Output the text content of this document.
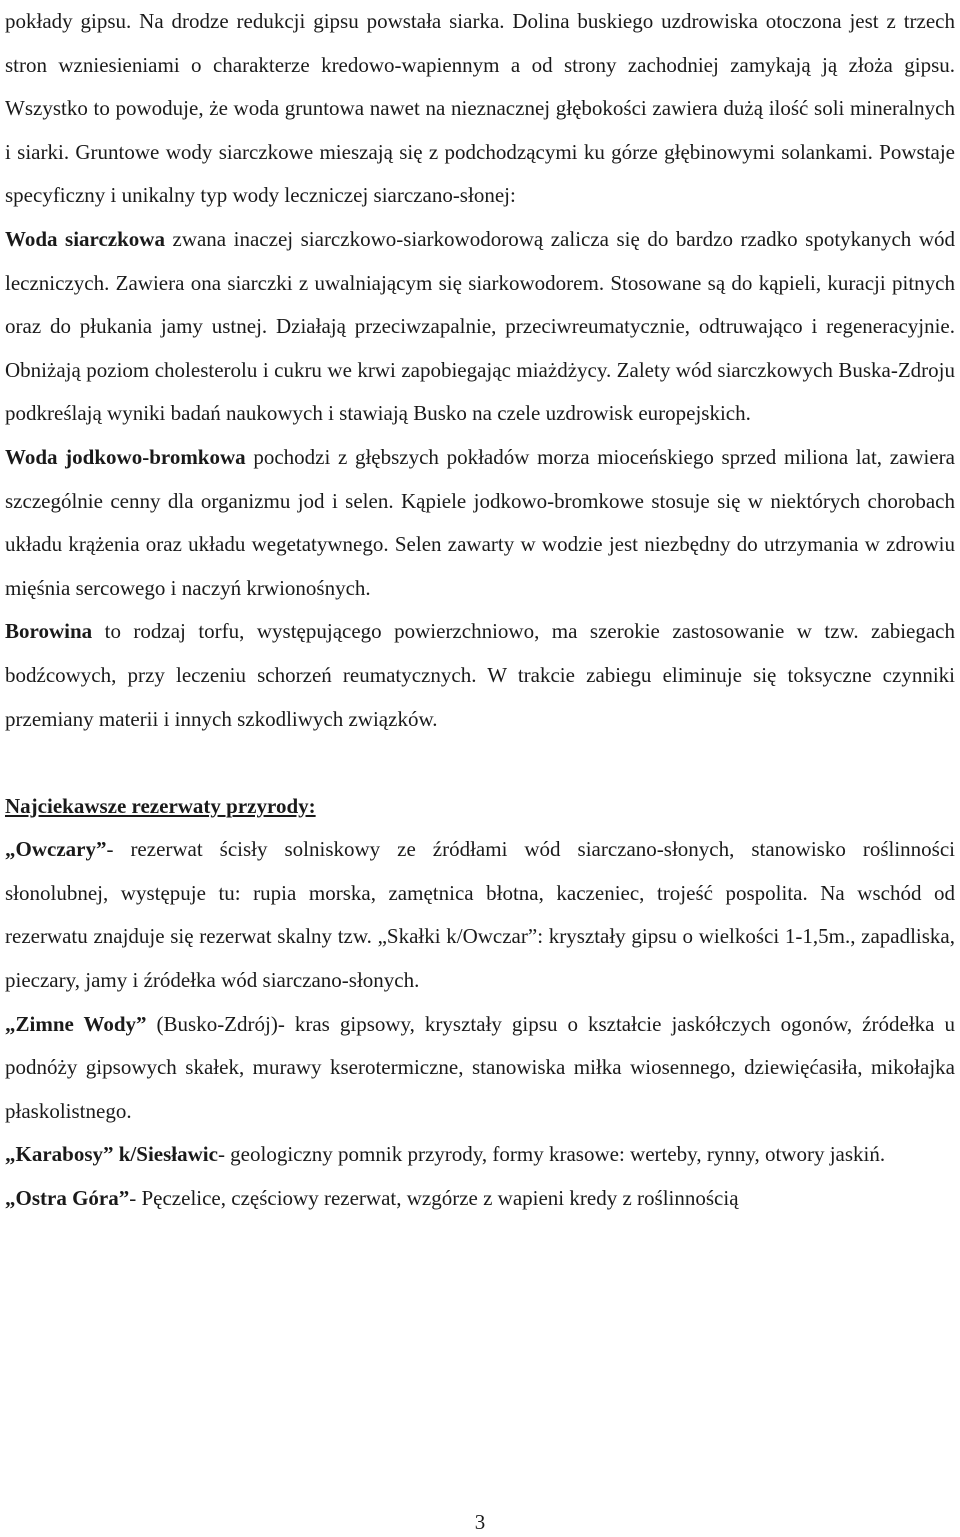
pokłady gipsu. Na drodze redukcji gipsu powstała siarka. Dolina buskiego uzdrowiska otoczona jest z trzech stron wzniesieniami o charakterze kredowo-wapiennym a od strony zachodniej zamykają ją złoża gipsu. Wszystko to powoduje, że woda gruntowa nawet na nieznacznej głębokości zawiera dużą ilość soli mineralnych i siarki. Gruntowe wody siarczkowe mieszają się z podchodzącymi ku górze głębinowymi solankami. Powstaje specyficzny i unikalny typ wody leczniczej siarczano-słonej:

Woda siarczkowa zwana inaczej siarczkowo-siarkowodorową zalicza się do bardzo rzadko spotykanych wód leczniczych. Zawiera ona siarczki z uwalniającym się siarkowodorem. Stosowane są do kąpieli, kuracji pitnych oraz do płukania jamy ustnej. Działają przeciwzapalnie, przeciwreumatycznie, odtruwająco i regeneracyjnie. Obniżają poziom cholesterolu i cukru we krwi zapobiegając miażdżycy. Zalety wód siarczkowych Buska-Zdroju podkreślają wyniki badań naukowych i stawiają Busko na czele uzdrowisk europejskich.

Woda jodkowo-bromkowa pochodzi z głębszych pokładów morza mioceńskiego sprzed miliona lat, zawiera szczególnie cenny dla organizmu jod i selen. Kąpiele jodkowo-bromkowe stosuje się w niektórych chorobach układu krążenia oraz układu wegetatywnego. Selen zawarty w wodzie jest niezbędny do utrzymania w zdrowiu mięśnia sercowego i naczyń krwionośnych.

Borowina to rodzaj torfu, występującego powierzchniowo, ma szerokie zastosowanie w tzw. zabiegach bodźcowych, przy leczeniu schorzeń reumatycznych. W trakcie zabiegu eliminuje się toksyczne czynniki przemiany materii i innych szkodliwych związków.

Najciekawsze rezerwaty przyrody:

„Owczary”- rezerwat ścisły solniskowy ze źródłami wód siarczano-słonych, stanowisko roślinności słonolubnej, występuje tu: rupia morska, zamętnica błotna, kaczeniec, trojeść pospolita. Na wschód od rezerwatu znajduje się rezerwat skalny tzw. „Skałki k/Owczar”: kryształy gipsu o wielkości 1-1,5m., zapadliska, pieczary, jamy i źródełka wód siarczano-słonych.

„Zimne Wody” (Busko-Zdrój)- kras gipsowy, kryształy gipsu o kształcie jaskółczych ogonów, źródełka u podnóży gipsowych skałek, murawy kserotermiczne, stanowiska miłka wiosennego, dziewięćasiła, mikołajka płaskolistnego.

„Karabosy” k/Siesławic- geologiczny pomnik przyrody, formy krasowe: werteby, rynny, otwory jaskiń.

„Ostra Góra”- Pęczelice, częściowy rezerwat, wzgórze z wapieni kredy z roślinnością

3
